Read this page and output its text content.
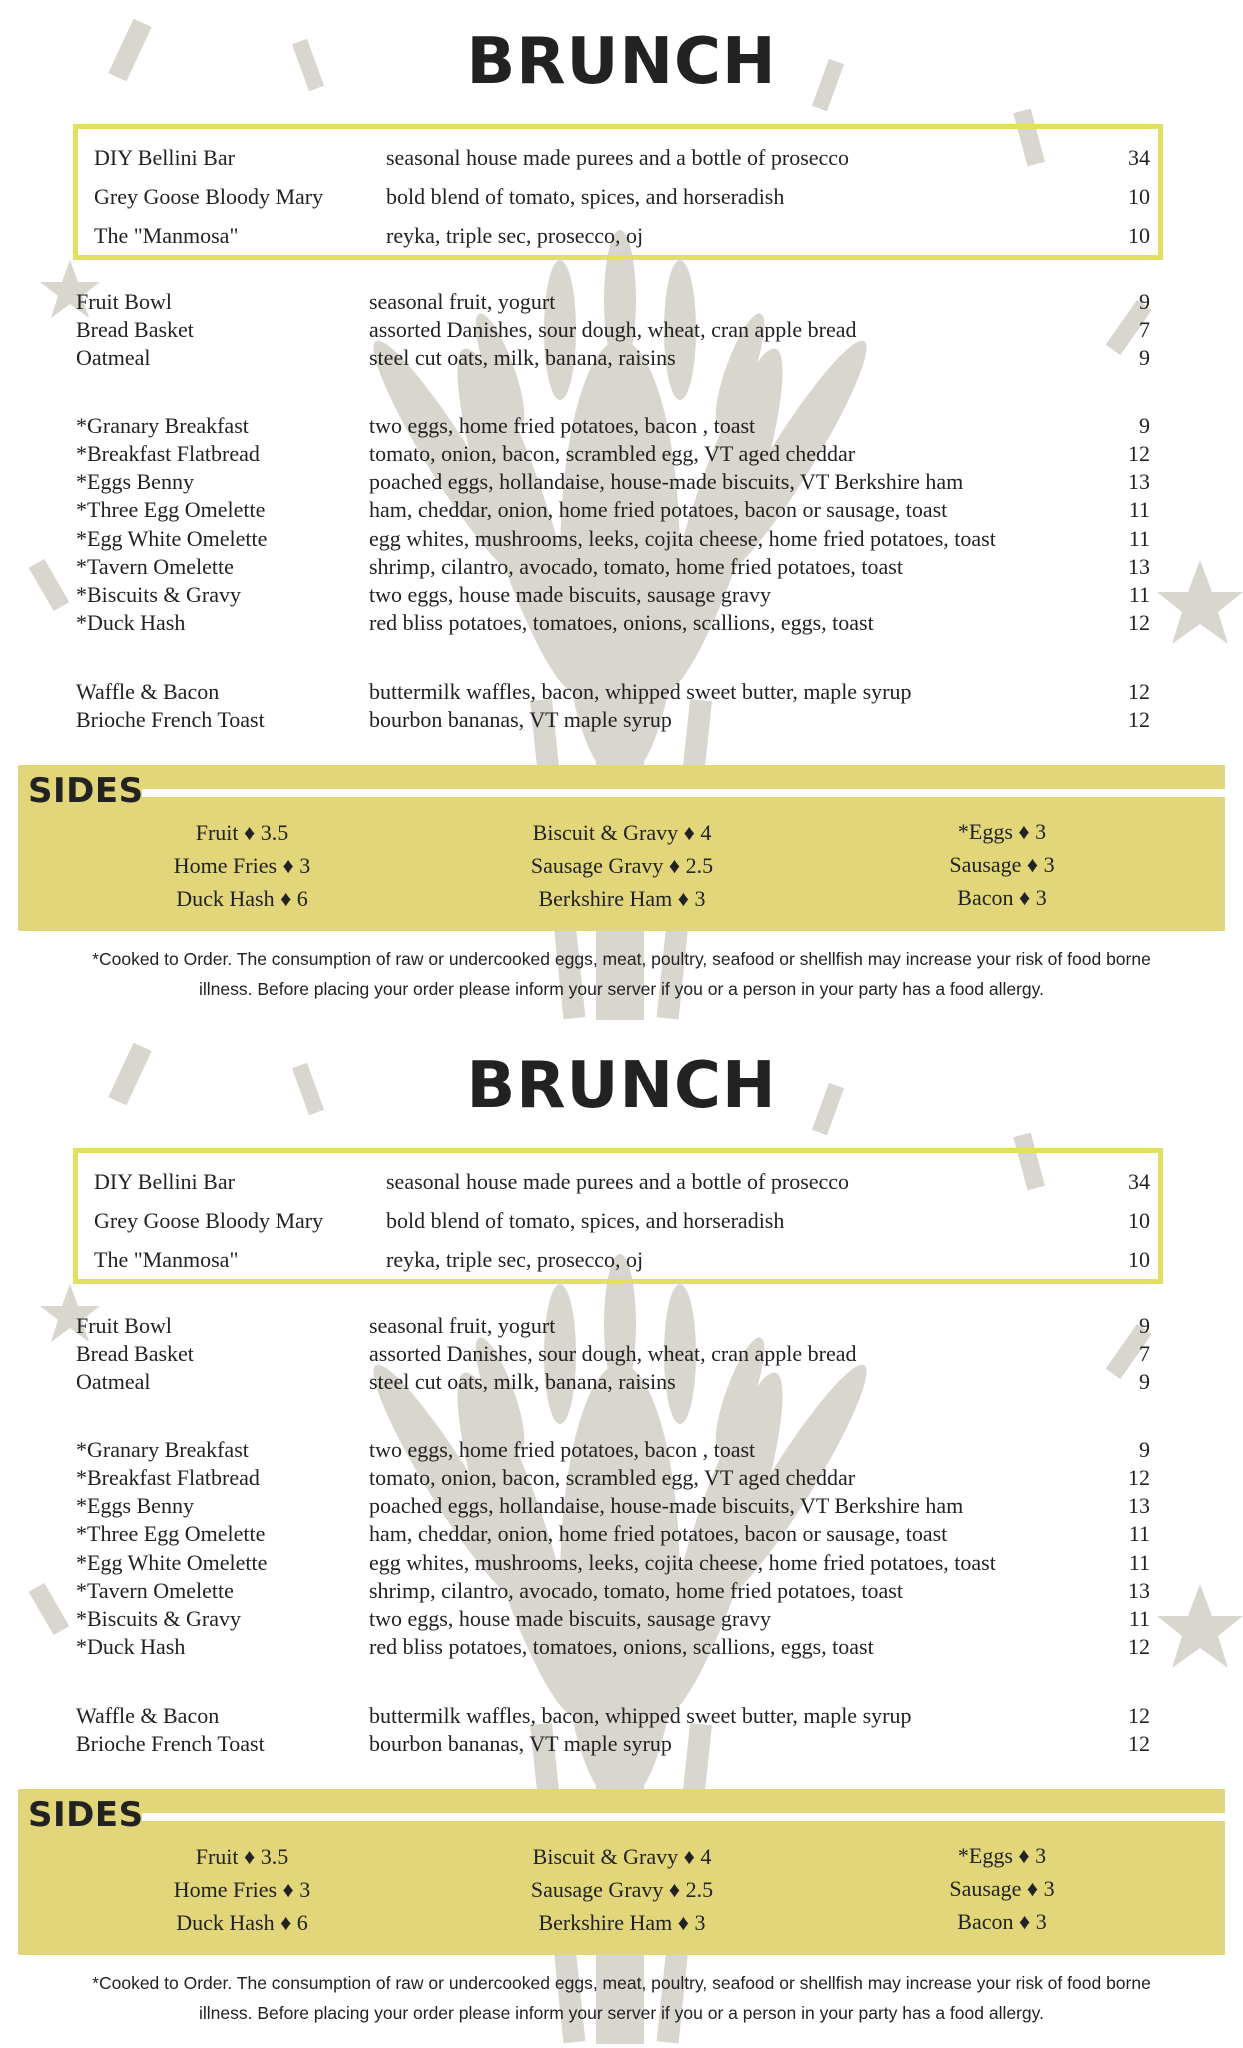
BRUNCH
DIY Bellini Bar	seasonal house made purees and a bottle of prosecco	34
Grey Goose Bloody Mary	bold blend of tomato, spices, and horseradish	10
The "Manmosa"	reyka, triple sec, prosecco, oj	10
Fruit Bowl	seasonal fruit, yogurt	9
Bread Basket	assorted Danishes, sour dough, wheat, cran apple bread	7
Oatmeal	steel cut oats, milk, banana, raisins	9
*Granary Breakfast	two eggs, home fried potatoes, bacon , toast	9
*Breakfast Flatbread	tomato, onion, bacon, scrambled egg, VT aged cheddar	12
*Eggs Benny	poached eggs, hollandaise, house-made biscuits, VT Berkshire ham	13
*Three Egg Omelette	ham, cheddar, onion, home fried potatoes, bacon or sausage, toast	11
*Egg White Omelette	egg whites, mushrooms, leeks, cojita cheese, home fried potatoes, toast	11
*Tavern Omelette	shrimp, cilantro, avocado, tomato, home fried potatoes, toast	13
*Biscuits & Gravy	two eggs, house made biscuits, sausage gravy	11
*Duck Hash	red bliss potatoes, tomatoes, onions, scallions, eggs, toast	12
Waffle & Bacon	buttermilk waffles, bacon, whipped sweet butter, maple syrup	12
Brioche French Toast	bourbon bananas, VT maple syrup	12
SIDES
Fruit ♦ 3.5
Home Fries ♦ 3
Duck Hash ♦ 6
Biscuit & Gravy ♦ 4
Sausage Gravy ♦ 2.5
Berkshire Ham ♦ 3
*Eggs ♦ 3
Sausage ♦ 3
Bacon ♦ 3
*Cooked to Order. The consumption of raw or undercooked eggs, meat, poultry, seafood or shellfish may increase your risk of food borne
illness. Before placing your order please inform your server if you or a person in your party has a food allergy.
BRUNCH
DIY Bellini Bar	seasonal house made purees and a bottle of prosecco	34
Grey Goose Bloody Mary	bold blend of tomato, spices, and horseradish	10
The "Manmosa"	reyka, triple sec, prosecco, oj	10
Fruit Bowl	seasonal fruit, yogurt	9
Bread Basket	assorted Danishes, sour dough, wheat, cran apple bread	7
Oatmeal	steel cut oats, milk, banana, raisins	9
*Granary Breakfast	two eggs, home fried potatoes, bacon , toast	9
*Breakfast Flatbread	tomato, onion, bacon, scrambled egg, VT aged cheddar	12
*Eggs Benny	poached eggs, hollandaise, house-made biscuits, VT Berkshire ham	13
*Three Egg Omelette	ham, cheddar, onion, home fried potatoes, bacon or sausage, toast	11
*Egg White Omelette	egg whites, mushrooms, leeks, cojita cheese, home fried potatoes, toast	11
*Tavern Omelette	shrimp, cilantro, avocado, tomato, home fried potatoes, toast	13
*Biscuits & Gravy	two eggs, house made biscuits, sausage gravy	11
*Duck Hash	red bliss potatoes, tomatoes, onions, scallions, eggs, toast	12
Waffle & Bacon	buttermilk waffles, bacon, whipped sweet butter, maple syrup	12
Brioche French Toast	bourbon bananas, VT maple syrup	12
SIDES
Fruit ♦ 3.5
Home Fries ♦ 3
Duck Hash ♦ 6
Biscuit & Gravy ♦ 4
Sausage Gravy ♦ 2.5
Berkshire Ham ♦ 3
*Eggs ♦ 3
Sausage ♦ 3
Bacon ♦ 3
*Cooked to Order. The consumption of raw or undercooked eggs, meat, poultry, seafood or shellfish may increase your risk of food borne
illness. Before placing your order please inform your server if you or a person in your party has a food allergy.
